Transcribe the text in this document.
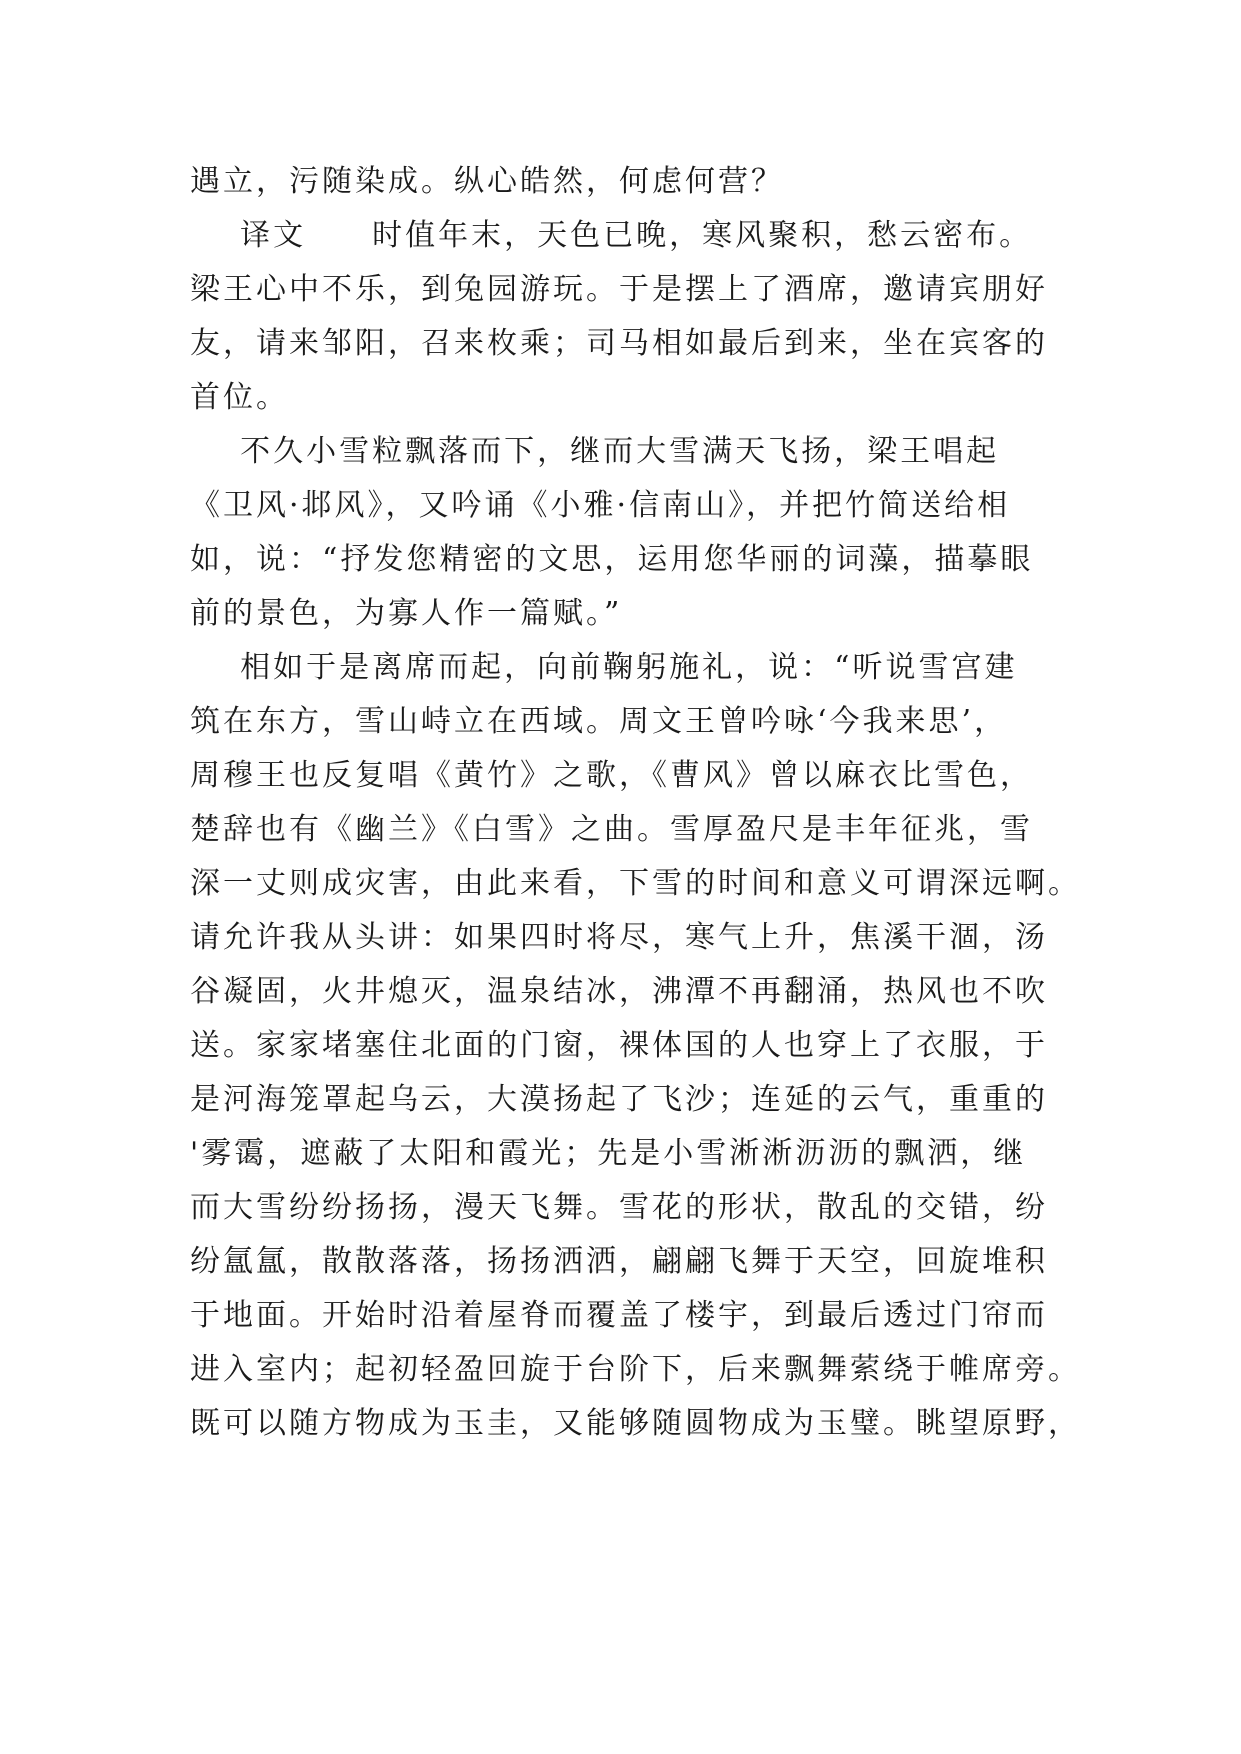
遇立，污随染成。纵心皓然，何虑何营？
译文　　时值年末，天色已晚，寒风聚积，愁云密布。
梁王心中不乐，到兔园游玩。于是摆上了酒席，邀请宾朋好
友，请来邹阳，召来枚乘；司马相如最后到来，坐在宾客的
首位。
不久小雪粒飘落而下，继而大雪满天飞扬，梁王唱起
《卫风·邶风》，又吟诵《小雅·信南山》，并把竹简送给相
如，说：“抒发您精密的文思，运用您华丽的词藻，描摹眼
前的景色，为寡人作一篇赋。”
相如于是离席而起，向前鞠躬施礼，说：“听说雪宫建
筑在东方，雪山峙立在西域。周文王曾吟咏‘今我来思’，
周穆王也反复唱《黄竹》之歌，《曹风》曾以麻衣比雪色，
楚辞也有《幽兰》《白雪》之曲。雪厚盈尺是丰年征兆，雪
深一丈则成灾害，由此来看，下雪的时间和意义可谓深远啊。
请允许我从头讲：如果四时将尽，寒气上升，焦溪干涸，汤
谷凝固，火井熄灭，温泉结冰，沸潭不再翻涌，热风也不吹
送。家家堵塞住北面的门窗，裸体国的人也穿上了衣服，于
是河海笼罩起乌云，大漠扬起了飞沙；连延的云气，重重的
'雾霭，遮蔽了太阳和霞光；先是小雪淅淅沥沥的飘洒，继
而大雪纷纷扬扬，漫天飞舞。雪花的形状，散乱的交错，纷
纷氲氲，散散落落，扬扬洒洒，翩翩飞舞于天空，回旋堆积
于地面。开始时沿着屋脊而覆盖了楼宇，到最后透过门帘而
进入室内；起初轻盈回旋于台阶下，后来飘舞萦绕于帷席旁。
既可以随方物成为玉圭，又能够随圆物成为玉璧。眺望原野，
